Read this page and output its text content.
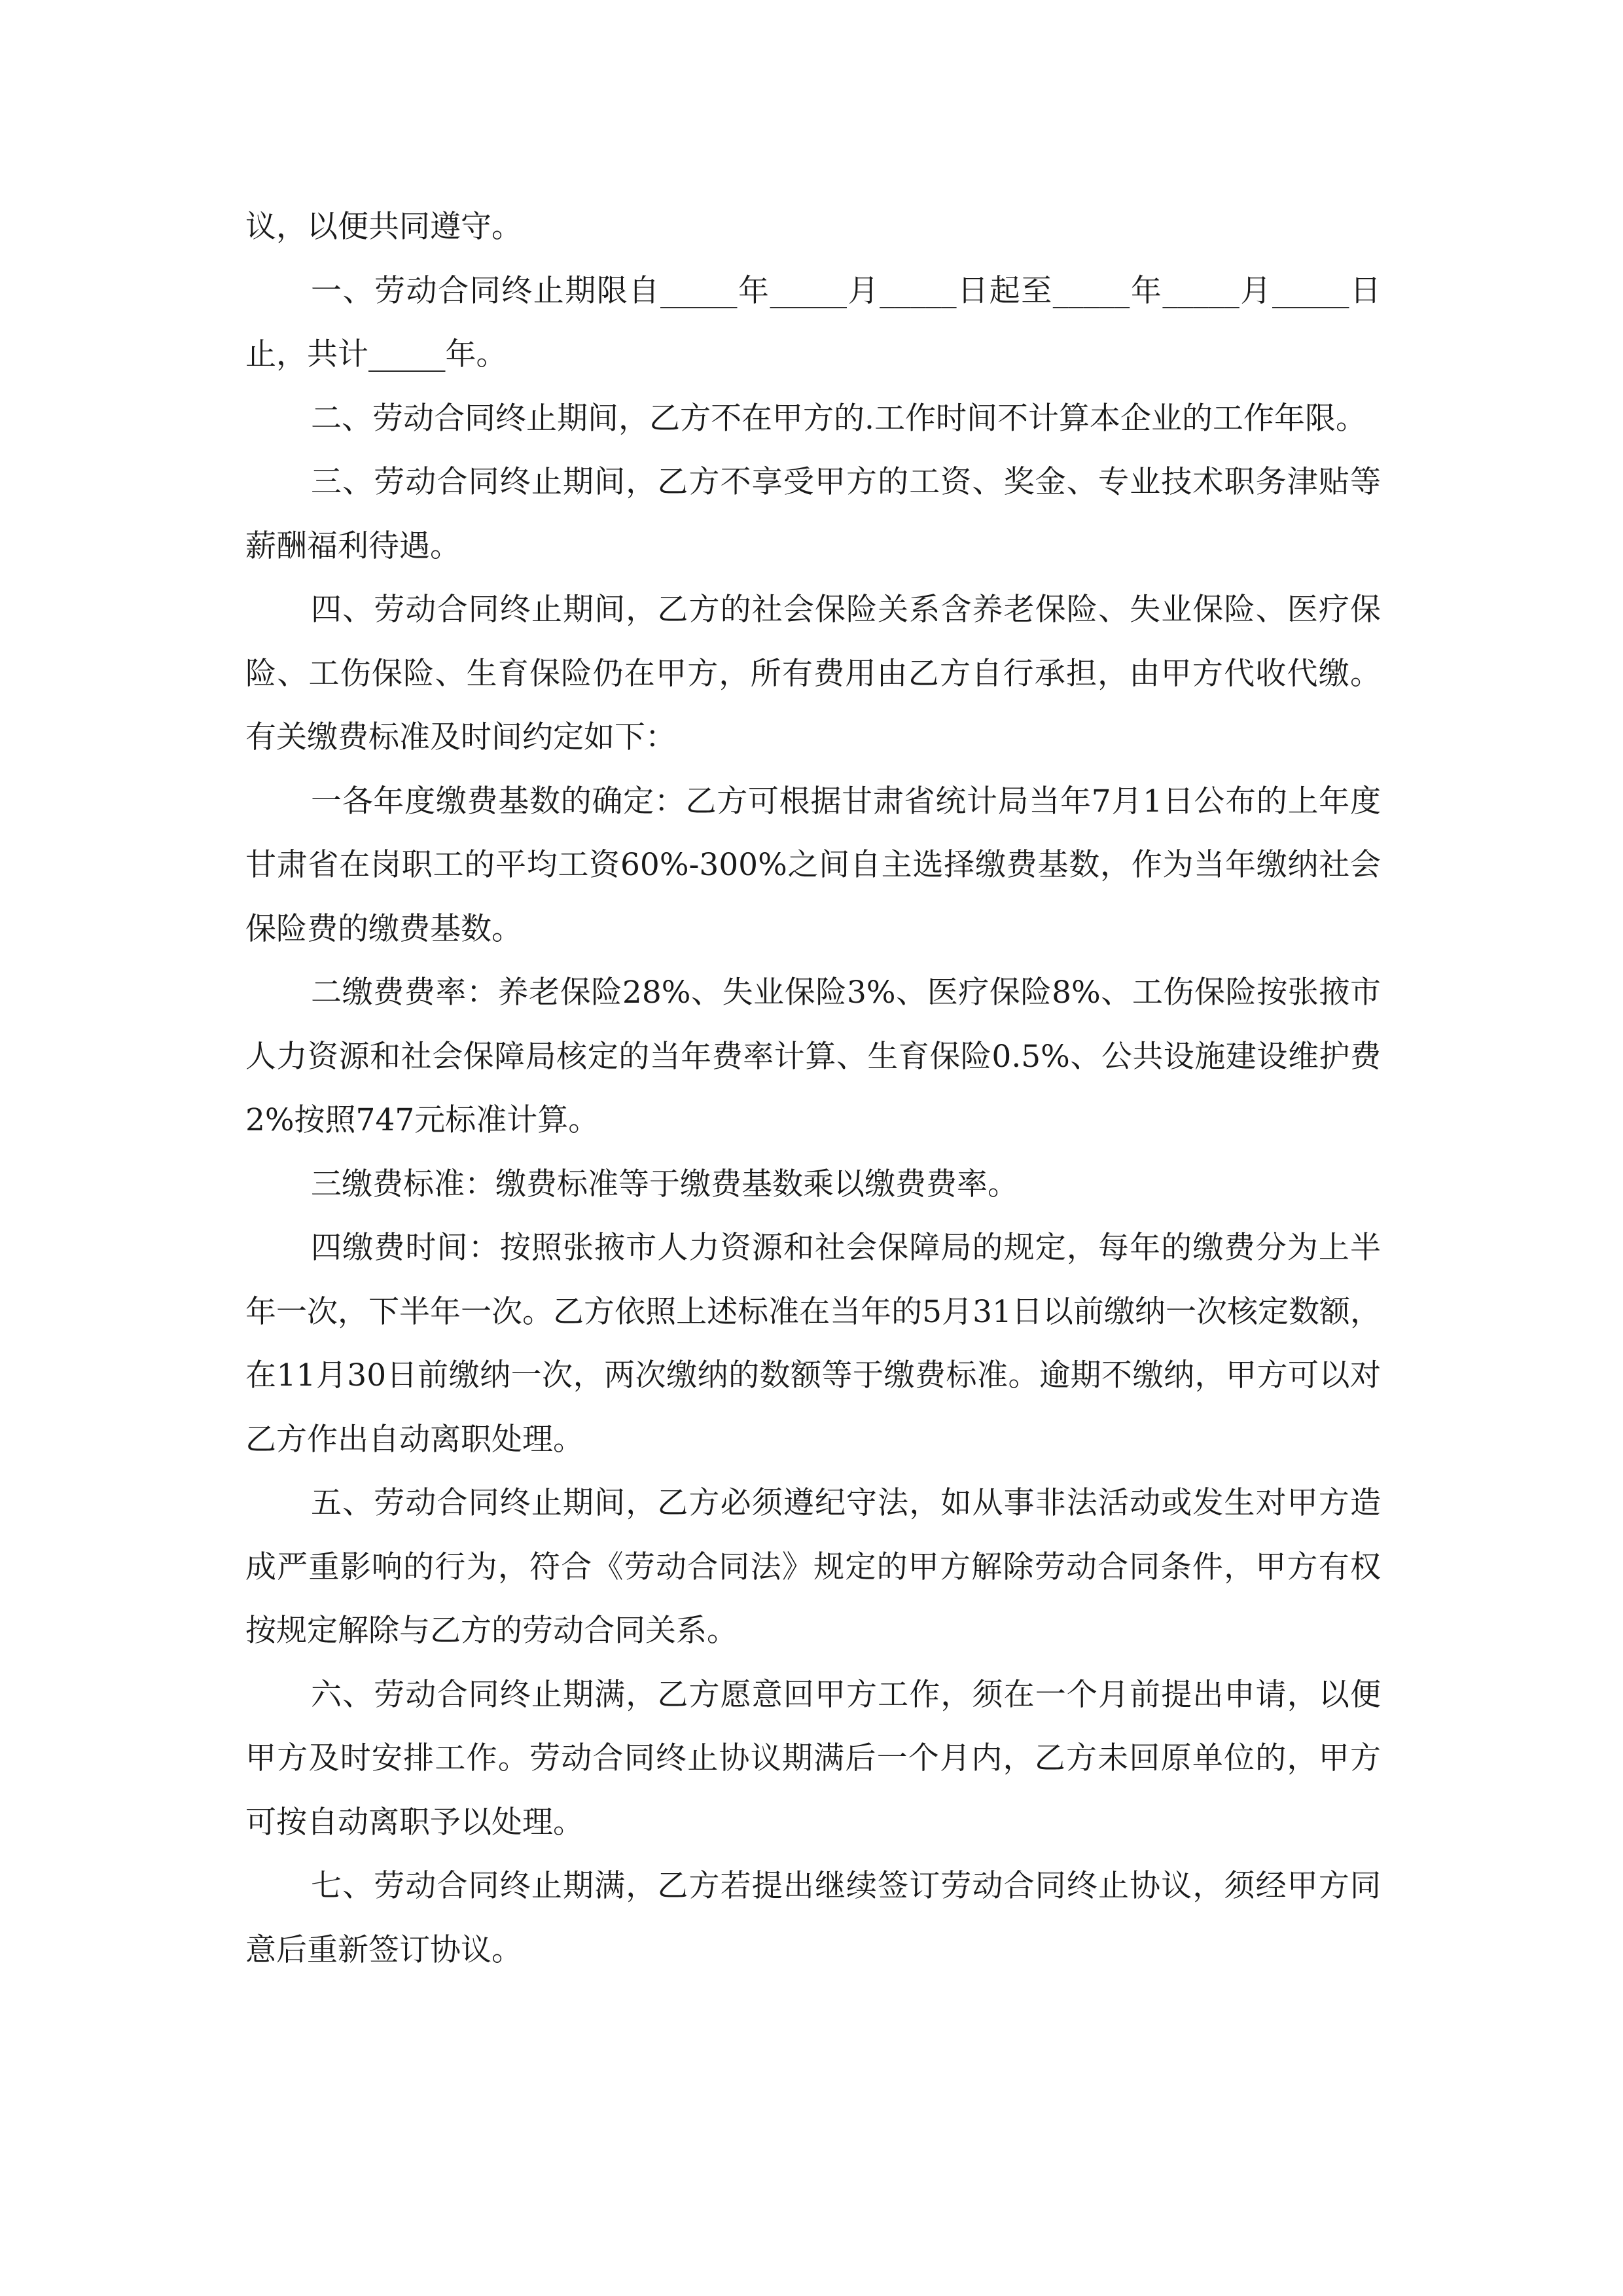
议，以便共同遵守。

一、劳动合同终止期限自_____年_____月_____日起至_____年_____月_____日止，共计_____年。

二、劳动合同终止期间，乙方不在甲方的.工作时间不计算本企业的工作年限。

三、劳动合同终止期间，乙方不享受甲方的工资、奖金、专业技术职务津贴等薪酬福利待遇。

四、劳动合同终止期间，乙方的社会保险关系含养老保险、失业保险、医疗保险、工伤保险、生育保险仍在甲方，所有费用由乙方自行承担，由甲方代收代缴。有关缴费标准及时间约定如下：

一各年度缴费基数的确定：乙方可根据甘肃省统计局当年7月1日公布的上年度甘肃省在岗职工的平均工资60%-300%之间自主选择缴费基数，作为当年缴纳社会保险费的缴费基数。

二缴费费率：养老保险28%、失业保险3%、医疗保险8%、工伤保险按张掖市人力资源和社会保障局核定的当年费率计算、生育保险0.5%、公共设施建设维护费2%按照747元标准计算。

三缴费标准：缴费标准等于缴费基数乘以缴费费率。

四缴费时间：按照张掖市人力资源和社会保障局的规定，每年的缴费分为上半年一次，下半年一次。乙方依照上述标准在当年的5月31日以前缴纳一次核定数额，在11月30日前缴纳一次，两次缴纳的数额等于缴费标准。逾期不缴纳，甲方可以对乙方作出自动离职处理。

五、劳动合同终止期间，乙方必须遵纪守法，如从事非法活动或发生对甲方造成严重影响的行为，符合《劳动合同法》规定的甲方解除劳动合同条件，甲方有权按规定解除与乙方的劳动合同关系。

六、劳动合同终止期满，乙方愿意回甲方工作，须在一个月前提出申请，以便甲方及时安排工作。劳动合同终止协议期满后一个月内，乙方未回原单位的，甲方可按自动离职予以处理。

七、劳动合同终止期满，乙方若提出继续签订劳动合同终止协议，须经甲方同意后重新签订协议。
